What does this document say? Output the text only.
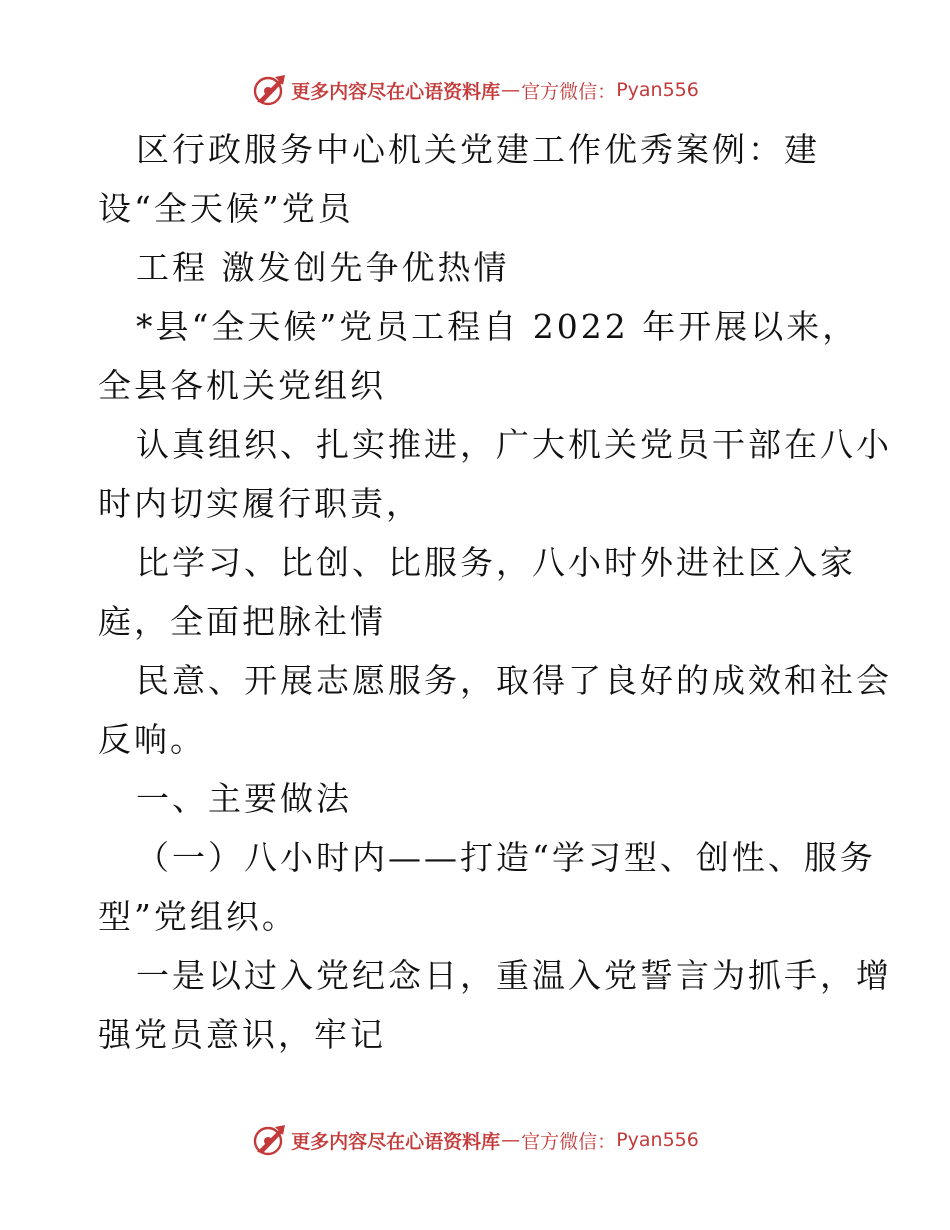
更多内容尽在心语资料库 — 官方微信： Pyan556
区行政服务中心机关党建工作优秀案例：建
设“全天候”党员
工程 激发创先争优热情
*县“全天候”党员工程自 2022 年开展以来，
全县各机关党组织
认真组织、扎实推进，广大机关党员干部在八小
时内切实履行职责，
比学习、比创、比服务，八小时外进社区入家
庭，全面把脉社情
民意、开展志愿服务，取得了良好的成效和社会
反响。
一、主要做法
（一）八小时内——打造“学习型、创性、服务
型”党组织。
一是以过入党纪念日，重温入党誓言为抓手，增
强党员意识，牢记
更多内容尽在心语资料库 — 官方微信： Pyan556
